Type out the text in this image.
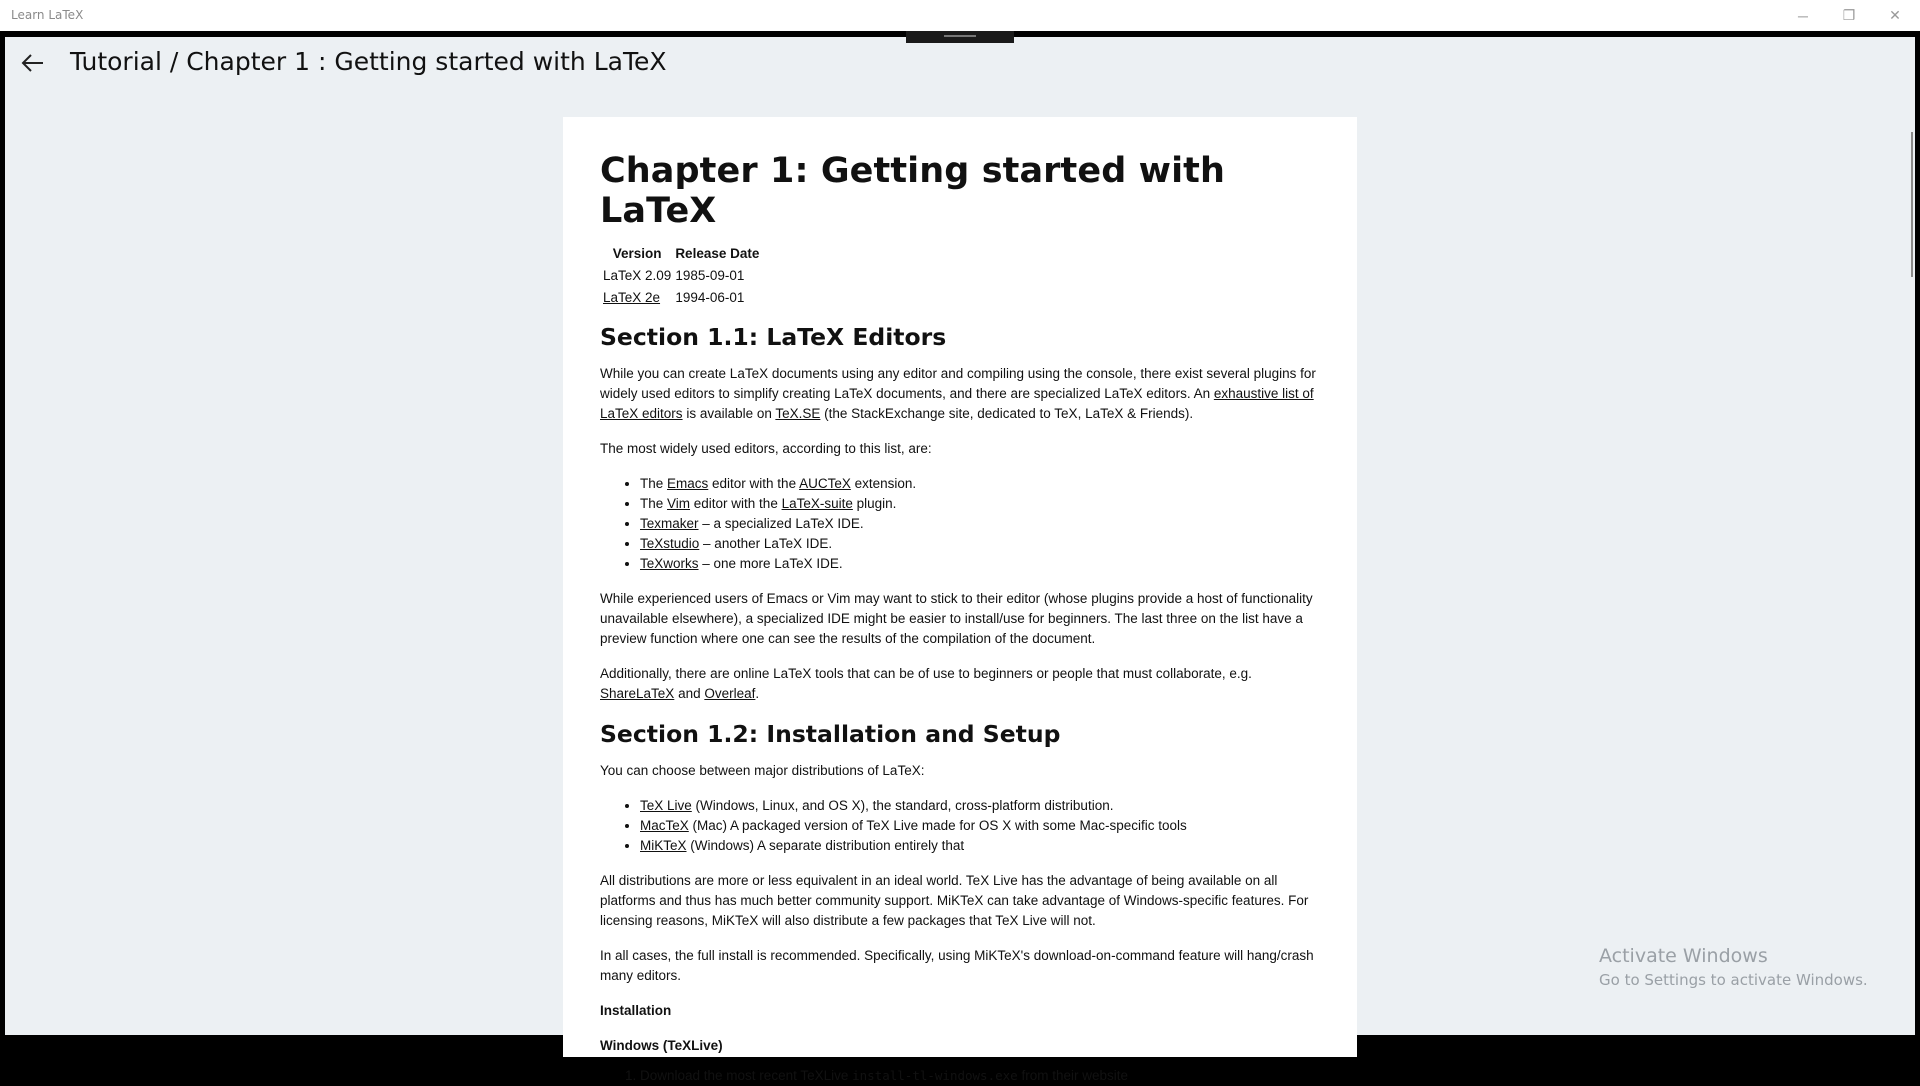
Learn LaTeX	─	❐	✕
Tutorial / Chapter 1 : Getting started with LaTeX
Chapter 1: Getting started with LaTeX
Version	Release Date
LaTeX 2.09	1985-09-01
LaTeX 2e	1994-06-01
Section 1.1: LaTeX Editors

While you can create LaTeX documents using any editor and compiling using the console, there exist several plugins for widely used editors to simplify creating LaTeX documents, and there are specialized LaTeX editors. An exhaustive list of LaTeX editors is available on TeX.SE (the StackExchange site, dedicated to TeX, LaTeX & Friends).

The most widely used editors, according to this list, are:

• The Emacs editor with the AUCTeX extension.
• The Vim editor with the LaTeX-suite plugin.
• Texmaker – a specialized LaTeX IDE.
• TeXstudio – another LaTeX IDE.
• TeXworks – one more LaTeX IDE.

While experienced users of Emacs or Vim may want to stick to their editor (whose plugins provide a host of functionality unavailable elsewhere), a specialized IDE might be easier to install/use for beginners. The last three on the list have a preview function where one can see the results of the compilation of the document.

Additionally, there are online LaTeX tools that can be of use to beginners or people that must collaborate, e.g. ShareLaTeX and Overleaf.

Section 1.2: Installation and Setup

You can choose between major distributions of LaTeX:

• TeX Live (Windows, Linux, and OS X), the standard, cross-platform distribution.
• MacTeX (Mac) A packaged version of TeX Live made for OS X with some Mac-specific tools
• MiKTeX (Windows) A separate distribution entirely that

All distributions are more or less equivalent in an ideal world. TeX Live has the advantage of being available on all platforms and thus has much better community support. MiKTeX can take advantage of Windows-specific features. For licensing reasons, MiKTeX will also distribute a few packages that TeX Live will not.

In all cases, the full install is recommended. Specifically, using MiKTeX's download-on-command feature will hang/crash many editors.

Installation

Windows (TeXLive)

1. Download the most recent TeXLive install-tl-windows.exe from their website
Activate Windows
Go to Settings to activate Windows.
